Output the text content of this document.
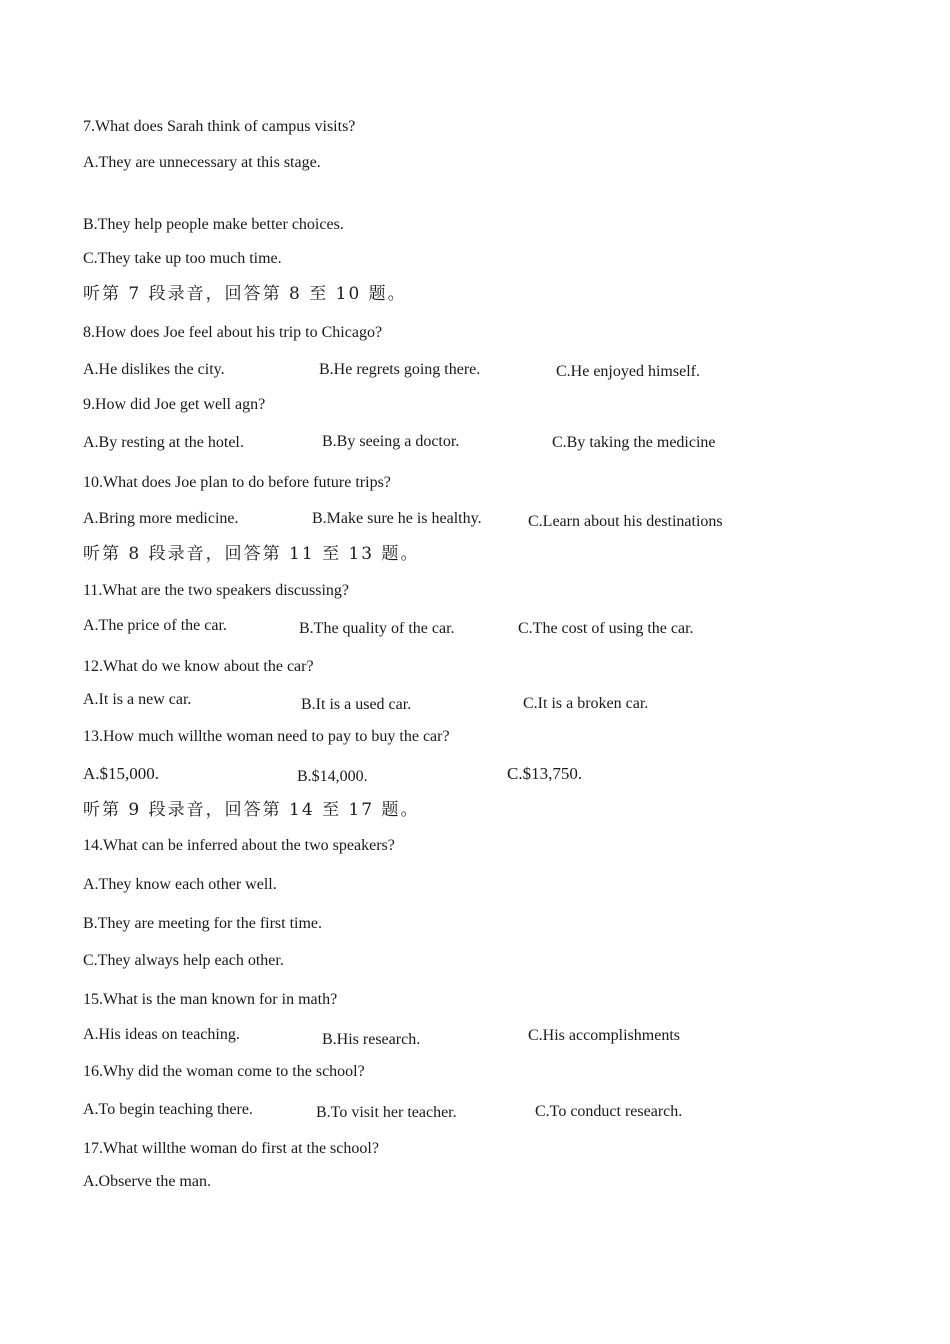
7.What does Sarah think of campus visits?
A.They are unnecessary at this stage.
B.They help people make better choices.
C.They take up too much time.
听第 7 段录音，回答第 8 至 10 题。
8.How does Joe feel about his trip to Chicago?
A.He dislikes the city.	B.He regrets going there.	C.He enjoyed himself.
9.How did Joe get well agn?
A.By resting at the hotel.	B.By seeing a doctor.	C.By taking the medicine
10.What does Joe plan to do before future trips?
A.Bring more medicine.	B.Make sure he is healthy.	C.Learn about his destinations
听第 8 段录音，回答第 11 至 13 题。
11.What are the two speakers discussing?
A.The price of the car.	B.The quality of the car.	C.The cost of using the car.
12.What do we know about the car?
A.It is a new car.	B.It is a used car.	C.It is a broken car.
13.How much willthe woman need to pay to buy the car?
A.$15,000.	B.$14,000.	C.$13,750.
听第 9 段录音，回答第 14 至 17 题。
14.What can be inferred about the two speakers?
A.They know each other well.
B.They are meeting for the first time.
C.They always help each other.
15.What is the man known for in math?
A.His ideas on teaching.	B.His research.	C.His accomplishments
16.Why did the woman come to the school?
A.To begin teaching there.	B.To visit her teacher.	C.To conduct research.
17.What willthe woman do first at the school?
A.Observe the man.
